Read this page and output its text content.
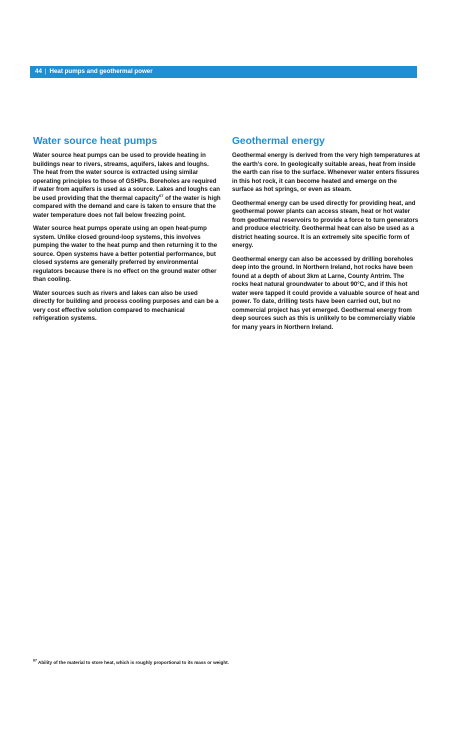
44 | Heat pumps and geothermal power
Water source heat pumps

Water source heat pumps can be used to provide heating in buildings near to rivers, streams, aquifers, lakes and loughs. The heat from the water source is extracted using similar operating principles to those of GSHPs. Boreholes are required if water from aquifers is used as a source. Lakes and loughs can be used providing that the thermal capacity$^{67}$ of the water is high compared with the demand and care is taken to ensure that the water temperature does not fall below freezing point.

Water source heat pumps operate using an open heat-pump system. Unlike closed ground-loop systems, this involves pumping the water to the heat pump and then returning it to the source. Open systems have a better potential performance, but closed systems are generally preferred by environmental regulators because there is no effect on the ground water other than cooling.

Water sources such as rivers and lakes can also be used directly for building and process cooling purposes and can be a very cost effective solution compared to mechanical refrigeration systems.

Geothermal energy

Geothermal energy is derived from the very high temperatures at the earth's core. In geologically suitable areas, heat from inside the earth can rise to the surface. Whenever water enters fissures in this hot rock, it can become heated and emerge on the surface as hot springs, or even as steam.

Geothermal energy can be used directly for providing heat, and geothermal power plants can access steam, heat or hot water from geothermal reservoirs to provide a force to turn generators and produce electricity. Geothermal heat can also be used as a district heating source. It is an extremely site specific form of energy.

Geothermal energy can also be accessed by drilling boreholes deep into the ground. In Northern Ireland, hot rocks have been found at a depth of about 3km at Larne, County Antrim. The rocks heat natural groundwater to about 90°C, and if this hot water were tapped it could provide a valuable source of heat and power. To date, drilling tests have been carried out, but no commercial project has yet emerged. Geothermal energy from deep sources such as this is unlikely to be commercially viable for many years in Northern Ireland.

$^{67}$ Ability of the material to store heat, which is roughly proportional to its mass or weight.
